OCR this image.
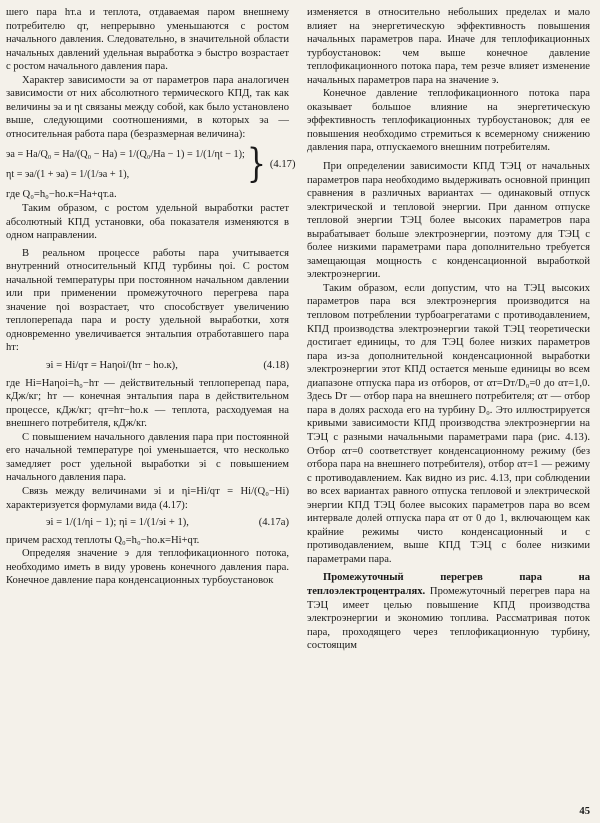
шего пара hт.а и теплота, отдаваемая паром внешнему потребителю qт, непрерывно уменьшаются с ростом начального давления. Следовательно, в значительной области начальных давлений удельная выработка э быстро возрастает с ростом начального давления пара.

Характер зависимости эа от параметров пара аналогичен зависимости от них абсолютного термического КПД, так как величины эа и ηt связаны между собой, как было установлено выше, следующими соотношениями, в которых эа — относительная работа пара (безразмерная величина):

эа = Hа/Q₀ = Hа/(Q₀ − Hа) = 1/(Q₀/Hа − 1) = 1/(1/ηt − 1);
ηt = эа/(1 + эа) = 1/(1/эа + 1),	} (4.17)

где Q₀=h₀−hо.к=Hа+qт.а.

Таким образом, с ростом удельной выработки растет абсолютный КПД установки, оба показателя изменяются в одном направлении.

В реальном процессе работы пара учитывается внутренний относительный КПД турбины ηoi. С ростом начальной температуры при постоянном начальном давлении или при применении промежуточного перегрева пара значение ηoi возрастает, что способствует увеличению теплоперепада пара и росту удельной выработки, хотя одновременно увеличивается энтальпия отработавшего пара hт:

эi = Hi/qт = Hаηoi/(hт − hо.к),	(4.18)

где Hi=Hаηoi=h₀−hт — действительный теплоперепад пара, кДж/кг; hт — конечная энтальпия пара в действительном процессе, кДж/кг; qт=hт−hо.к — теплота, расходуемая на внешнего потребителя, кДж/кг.

С повышением начального давления пара при постоянной его начальной температуре ηoi уменьшается, что несколько замедляет рост удельной выработки эi с повышением начального давления пара.

Связь между величинами эi и ηi=Hi/qт = Hi/(Q₀−Hi) характеризуется формулами вида (4.17):

эi = 1/(1/ηi − 1); ηi = 1/(1/эi + 1),	(4.17а)

причем расход теплоты Q₀=h₀−hо.к=Hi+qт.

Определяя значение э для теплофикационного потока, необходимо иметь в виду уровень конечного давления пара. Конечное давление пара конденсационных турбоустановок

изменяется в относительно небольших пределах и мало влияет на энергетическую эффективность повышения начальных параметров пара. Иначе для теплофикационных турбоустановок: чем выше конечное давление теплофикационного потока пара, тем резче влияет изменение начальных параметров пара на значение э.

Конечное давление теплофикационного потока пара оказывает большое влияние на энергетическую эффективность теплофикационных турбоустановок; для ее повышения необходимо стремиться к всемерному снижению давления пара, отпускаемого внешним потребителям.

При определении зависимости КПД ТЭЦ от начальных параметров пара необходимо выдерживать основной принцип сравнения в различных вариантах — одинаковый отпуск электрической и тепловой энергии. При данном отпуске тепловой энергии ТЭЦ более высоких параметров пара вырабатывает больше электроэнергии, поэтому для ТЭЦ с более низкими параметрами пара дополнительно требуется замещающая мощность с конденсационной выработкой электроэнергии.

Таким образом, если допустим, что на ТЭЦ высоких параметров пара вся электроэнергия производится на тепловом потреблении турбоагрегатами с противодавлением, КПД производства электроэнергии такой ТЭЦ теоретически достигает единицы, то для ТЭЦ более низких параметров пара из-за дополнительной конденсационной выработки электроэнергии этот КПД остается меньше единицы во всем диапазоне отпуска пара из отборов, от αт=Dт/D₀=0 до αт=1,0. Здесь Dт — отбор пара на внешнего потребителя; αт — отбор пара в долях расхода его на турбину D₀. Это иллюстрируется кривыми зависимости КПД производства электроэнергии на ТЭЦ с разными начальными параметрами пара (рис. 4.13). Отбор αт=0 соответствует конденсационному режиму (без отбора пара на внешнего потребителя), отбор αт=1 — режиму с противодавлением. Как видно из рис. 4.13, при соблюдении во всех вариантах равного отпуска тепловой и электрической энергии КПД ТЭЦ более высоких параметров пара во всем интервале долей отпуска пара αт от 0 до 1, включающем как крайние режимы чисто конденсационный и с противодавлением, выше КПД ТЭЦ с более низкими параметрами пара.

Промежуточный перегрев пара на теплоэлектроцентралях. Промежуточный перегрев пара на ТЭЦ имеет целью повышение КПД производства электроэнергии и экономию топлива. Рассматривая поток пара, проходящего через теплофикационную турбину, состоящим

45
